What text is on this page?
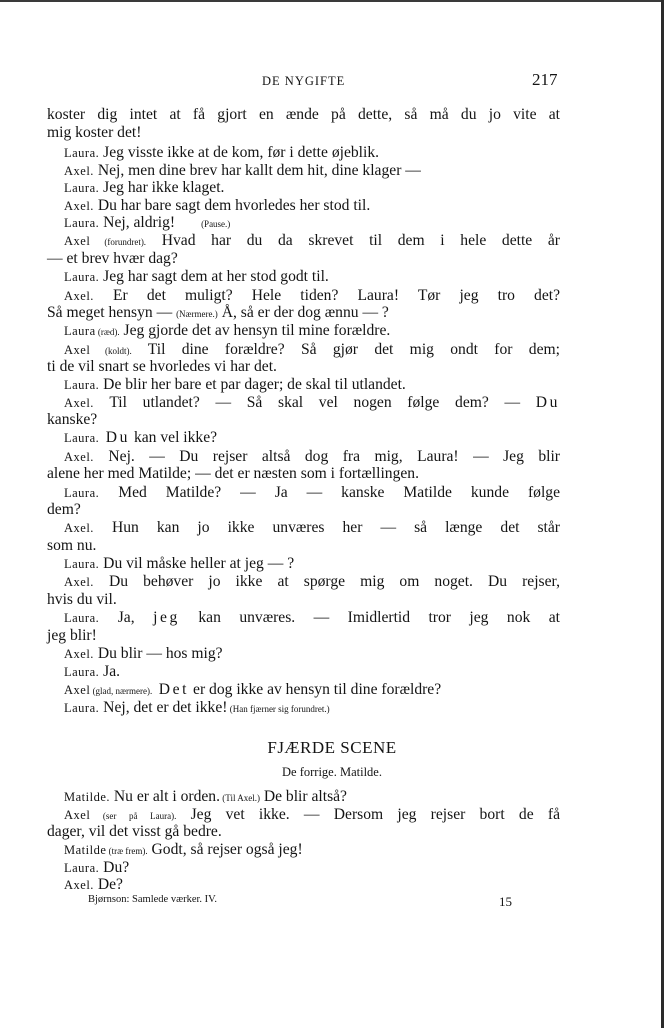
DE NYGIFTE	217
koster dig intet at få gjort en ænde på dette, så må du jo vite at
mig koster det!
Laura. Jeg visste ikke at de kom, før i dette øjeblik.
Axel. Nej, men dine brev har kallt dem hit, dine klager —
Laura. Jeg har ikke klaget.
Axel. Du har bare sagt dem hvorledes her stod til.
Laura. Nej, aldrig!	(Pause.)
Axel (forundret). Hvad har du da skrevet til dem i hele dette år
— et brev hvær dag?
Laura. Jeg har sagt dem at her stod godt til.
Axel. Er det muligt? Hele tiden? Laura! Tør jeg tro det?
Så meget hensyn — (Nærmere.) Å, så er der dog ænnu — ?
Laura (ræd). Jeg gjorde det av hensyn til mine forældre.
Axel (koldt). Til dine forældre? Så gjør det mig ondt for dem;
ti de vil snart se hvorledes vi har det.
Laura. De blir her bare et par dager; de skal til utlandet.
Axel. Til utlandet? — Så skal vel nogen følge dem? — Du
kanske?
Laura. Du kan vel ikke?
Axel. Nej. — Du rejser altså dog fra mig, Laura! — Jeg blir
alene her med Matilde; — det er næsten som i fortællingen.
Laura. Med Matilde? — Ja — kanske Matilde kunde følge
dem?
Axel. Hun kan jo ikke unværes her — så længe det står
som nu.
Laura. Du vil måske heller at jeg — ?
Axel. Du behøver jo ikke at spørge mig om noget. Du rejser,
hvis du vil.
Laura. Ja, jeg kan unværes. — Imidlertid tror jeg nok at
jeg blir!
Axel. Du blir — hos mig?
Laura. Ja.
Axel (glad, nærmere). Det er dog ikke av hensyn til dine forældre?
Laura. Nej, det er det ikke! (Han fjærner sig forundret.)
FJÆRDE SCENE
De forrige. Matilde.
Matilde. Nu er alt i orden. (Til Axel.) De blir altså?
Axel (ser på Laura). Jeg vet ikke. — Dersom jeg rejser bort de få
dager, vil det visst gå bedre.
Matilde (træ frem). Godt, så rejser også jeg!
Laura. Du?
Axel. De?
Bjørnson: Samlede værker. IV.	15
